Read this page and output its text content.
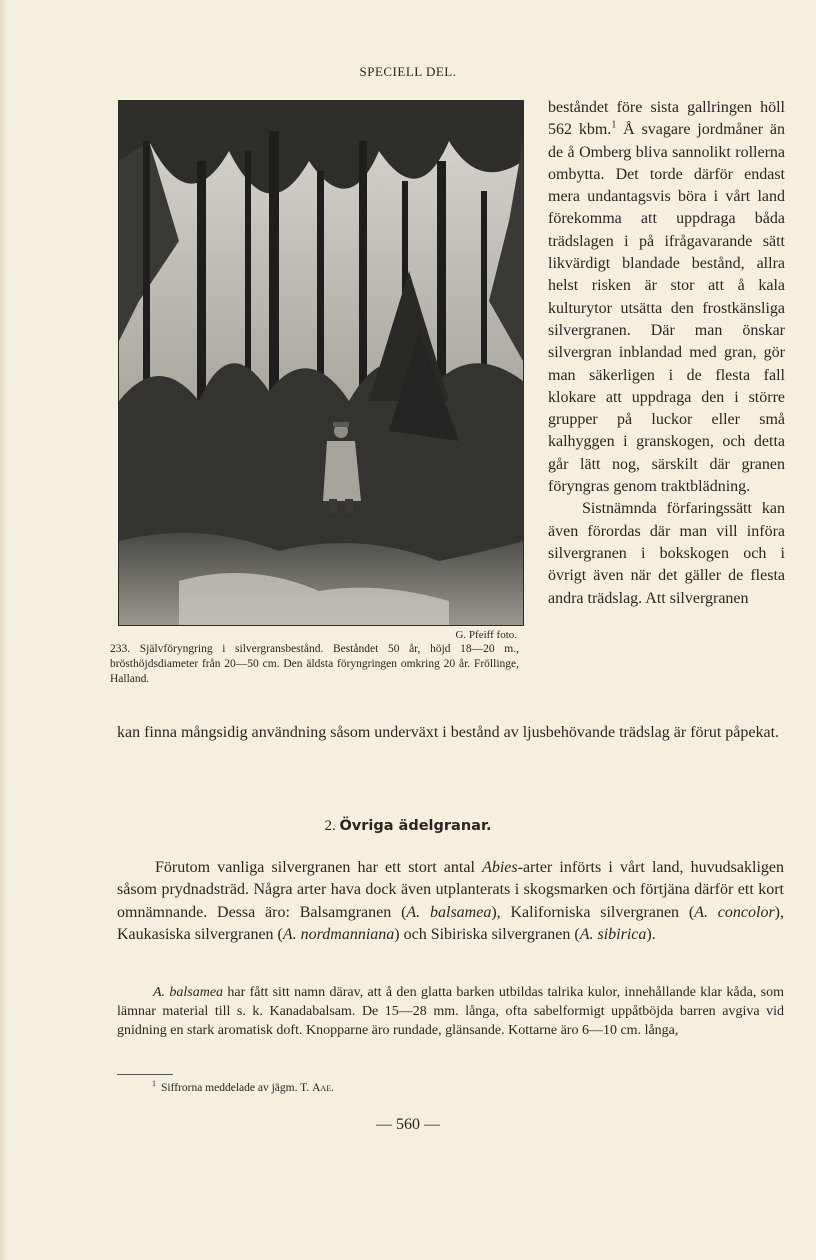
SPECIELL DEL.
G. Pfeiff foto.
233. Självföryngring i silvergransbestånd. Beståndet 50 år, höjd 18—20 m., brösthöjdsdiameter från 20—50 cm. Den äldsta föryngringen omkring 20 år. Fröllinge, Halland.

beståndet före sista gallringen höll 562 kbm.$^1$ Å svagare jordmåner än de å Omberg bliva sannolikt rollerna ombytta. Det torde därför endast mera undantagsvis böra i vårt land förekomma att uppdraga båda trädslagen i på ifrågavarande sätt likvärdigt blandade bestånd, allra helst risken är stor att å kala kulturytor utsätta den frostkänsliga silvergranen. Där man önskar silvergran inblandad med gran, gör man säkerligen i de flesta fall klokare att uppdraga den i större grupper på luckor eller små kalhyggen i granskogen, och detta går lätt nog, särskilt där granen föryngras genom traktblädning.

Sistnämnda förfaringssätt kan även förordas där man vill införa silvergranen i bokskogen och i övrigt även när det gäller de flesta andra trädslag. Att silvergranen

kan finna mångsidig användning såsom underväxt i bestånd av ljusbehövande trädslag är förut påpekat.
2. Övriga ädelgranar.

Förutom vanliga silvergranen har ett stort antal Abies-arter införts i vårt land, huvudsakligen såsom prydnadsträd. Några arter hava dock även utplanterats i skogsmarken och förtjäna därför ett kort omnämnande. Dessa äro: Balsamgranen (A. balsamea), Kaliforniska silvergranen (A. concolor), Kaukasiska silvergranen (A. nordmanniana) och Sibiriska silvergranen (A. sibirica).

A. balsamea har fått sitt namn därav, att å den glatta barken utbildas talrika kulor, innehållande klar kåda, som lämnar material till s. k. Kanadabalsam. De 15—28 mm. långa, ofta sabelformigt uppåtböjda barren avgiva vid gnidning en stark aromatisk doft. Knopparne äro rundade, glänsande. Kottarne äro 6—10 cm. långa,

$^1$ Siffrorna meddelade av jägm. T. Aae.
— 560 —
